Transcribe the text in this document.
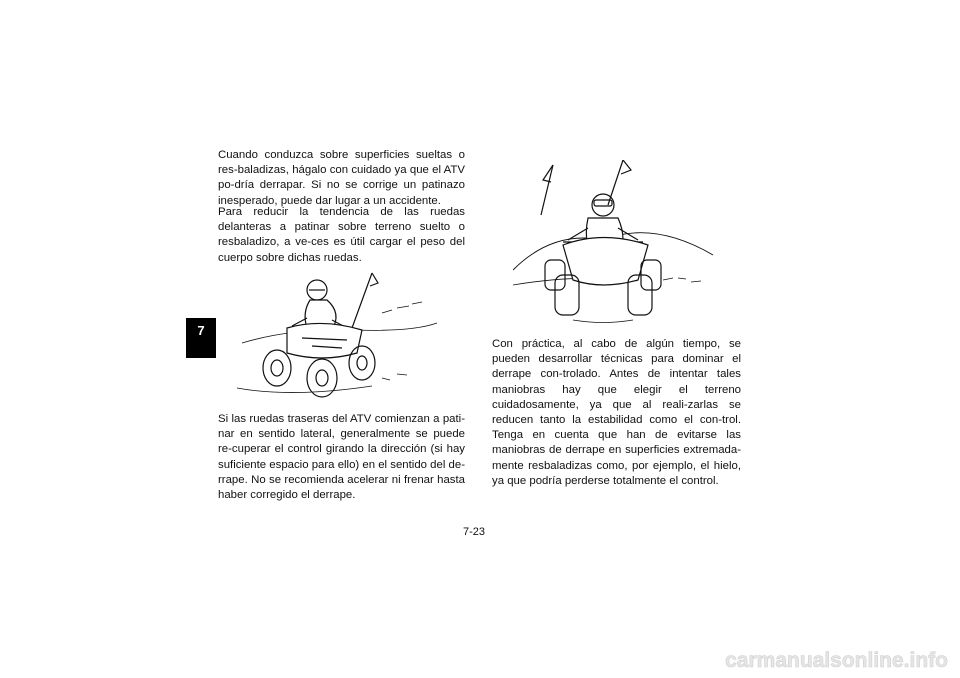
7

Cuando conduzca sobre superficies sueltas o res-baladizas, hágalo con cuidado ya que el ATV po-dría derrapar. Si no se corrige un patinazo inesperado, puede dar lugar a un accidente.

Para reducir la tendencia de las ruedas delanteras a patinar sobre terreno suelto o resbaladizo, a ve-ces es útil cargar el peso del cuerpo sobre dichas ruedas.

Si las ruedas traseras del ATV comienzan a pati-nar en sentido lateral, generalmente se puede re-cuperar el control girando la dirección (si hay suficiente espacio para ello) en el sentido del de-rrape. No se recomienda acelerar ni frenar hasta haber corregido el derrape.

Con práctica, al cabo de algún tiempo, se pueden desarrollar técnicas para dominar el derrape con-trolado. Antes de intentar tales maniobras hay que elegir el terreno cuidadosamente, ya que al reali-zarlas se reducen tanto la estabilidad como el con-trol. Tenga en cuenta que han de evitarse las maniobras de derrape en superficies extremada-mente resbaladizas como, por ejemplo, el hielo, ya que podría perderse totalmente el control.

7-23
carmanualsonline.info
